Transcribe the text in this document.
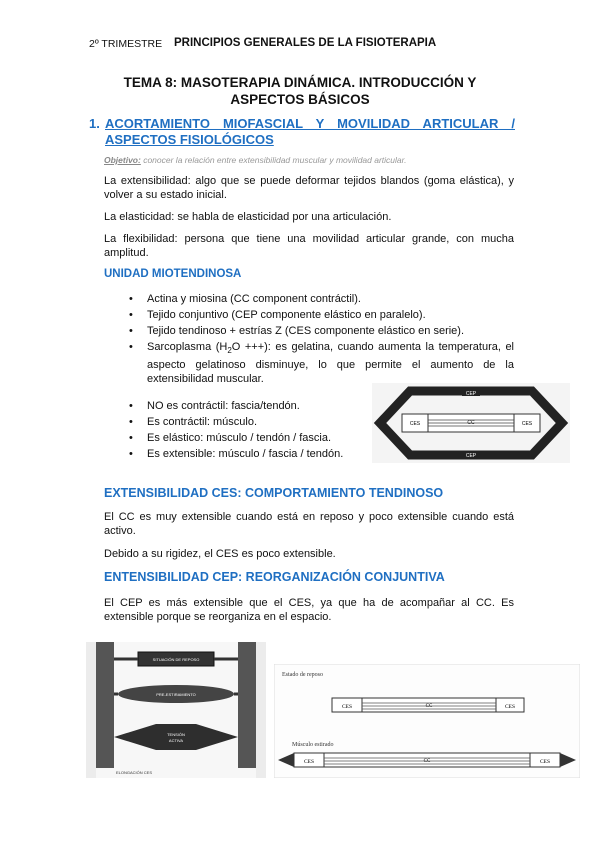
2º TRIMESTRE PRINCIPIOS GENERALES DE LA FISIOTERAPIA
TEMA 8: MASOTERAPIA DINÁMICA. INTRODUCCIÓN Y
ASPECTOS BÁSICOS
1. ACORTAMIENTO MIOFASCIAL Y MOVILIDAD ARTICULAR /
ASPECTOS FISIOLÓGICOS
Objetivo: conocer la relación entre extensibilidad muscular y movilidad articular.
La extensibilidad: algo que se puede deformar tejidos blandos (goma elástica), y volver a su estado inicial.
La elasticidad: se habla de elasticidad por una articulación.
La flexibilidad: persona que tiene una movilidad articular grande, con mucha amplitud.
UNIDAD MIOTENDINOSA
• Actina y miosina (CC component contráctil).
• Tejido conjuntivo (CEP componente elástico en paralelo).
• Tejido tendinoso + estrías Z (CES componente elástico en serie).
• Sarcoplasma ($H_2O$ +++): es gelatina, cuando aumenta la temperatura, el aspecto gelatinoso disminuye, lo que permite el aumento de la extensibilidad muscular.
• NO es contráctil: fascia/tendón.
• Es contráctil: músculo.
• Es elástico: músculo / tendón / fascia.
• Es extensible: músculo / fascia / tendón.
CEP
CES	CC	CES
CEP
EXTENSIBILIDAD CES: COMPORTAMIENTO TENDINOSO
El CC es muy extensible cuando está en reposo y poco extensible cuando está activo.
Debido a su rigidez, el CES es poco extensible.
ENTENSIBILIDAD CEP: REORGANIZACIÓN CONJUNTIVA
El CEP es más extensible que el CES, ya que ha de acompañar al CC. Es extensible porque se reorganiza en el espacio.
SITUACIÓN DE REPOSO
PRE-ESTIRAMIENTO
TENSIÓN
ACTIVA
ELONGACIÓN CES
Estado de reposo
CES	CC	CES
Músculo estirado
CES	CC	CES
